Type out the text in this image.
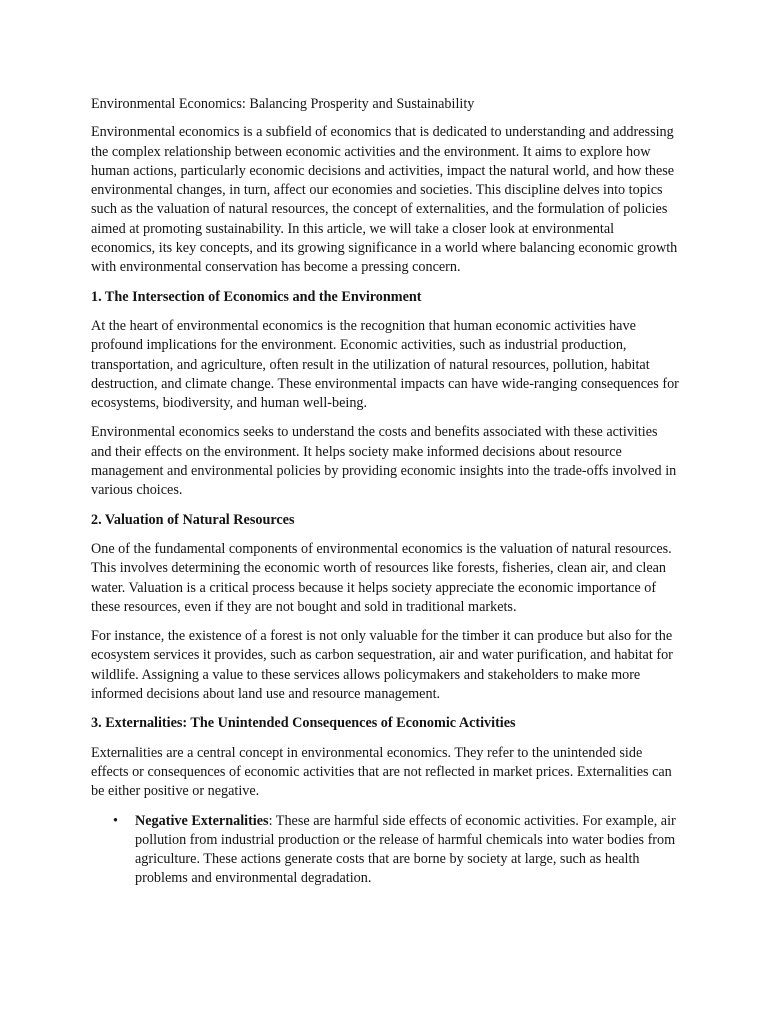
Environmental Economics: Balancing Prosperity and Sustainability

Environmental economics is a subfield of economics that is dedicated to understanding and addressing the complex relationship between economic activities and the environment. It aims to explore how human actions, particularly economic decisions and activities, impact the natural world, and how these environmental changes, in turn, affect our economies and societies. This discipline delves into topics such as the valuation of natural resources, the concept of externalities, and the formulation of policies aimed at promoting sustainability. In this article, we will take a closer look at environmental economics, its key concepts, and its growing significance in a world where balancing economic growth with environmental conservation has become a pressing concern.

1. The Intersection of Economics and the Environment

At the heart of environmental economics is the recognition that human economic activities have profound implications for the environment. Economic activities, such as industrial production, transportation, and agriculture, often result in the utilization of natural resources, pollution, habitat destruction, and climate change. These environmental impacts can have wide-ranging consequences for ecosystems, biodiversity, and human well-being.

Environmental economics seeks to understand the costs and benefits associated with these activities and their effects on the environment. It helps society make informed decisions about resource management and environmental policies by providing economic insights into the trade-offs involved in various choices.

2. Valuation of Natural Resources

One of the fundamental components of environmental economics is the valuation of natural resources. This involves determining the economic worth of resources like forests, fisheries, clean air, and clean water. Valuation is a critical process because it helps society appreciate the economic importance of these resources, even if they are not bought and sold in traditional markets.

For instance, the existence of a forest is not only valuable for the timber it can produce but also for the ecosystem services it provides, such as carbon sequestration, air and water purification, and habitat for wildlife. Assigning a value to these services allows policymakers and stakeholders to make more informed decisions about land use and resource management.

3. Externalities: The Unintended Consequences of Economic Activities

Externalities are a central concept in environmental economics. They refer to the unintended side effects or consequences of economic activities that are not reflected in market prices. Externalities can be either positive or negative.

• Negative Externalities: These are harmful side effects of economic activities. For example, air pollution from industrial production or the release of harmful chemicals into water bodies from agriculture. These actions generate costs that are borne by society at large, such as health problems and environmental degradation.
